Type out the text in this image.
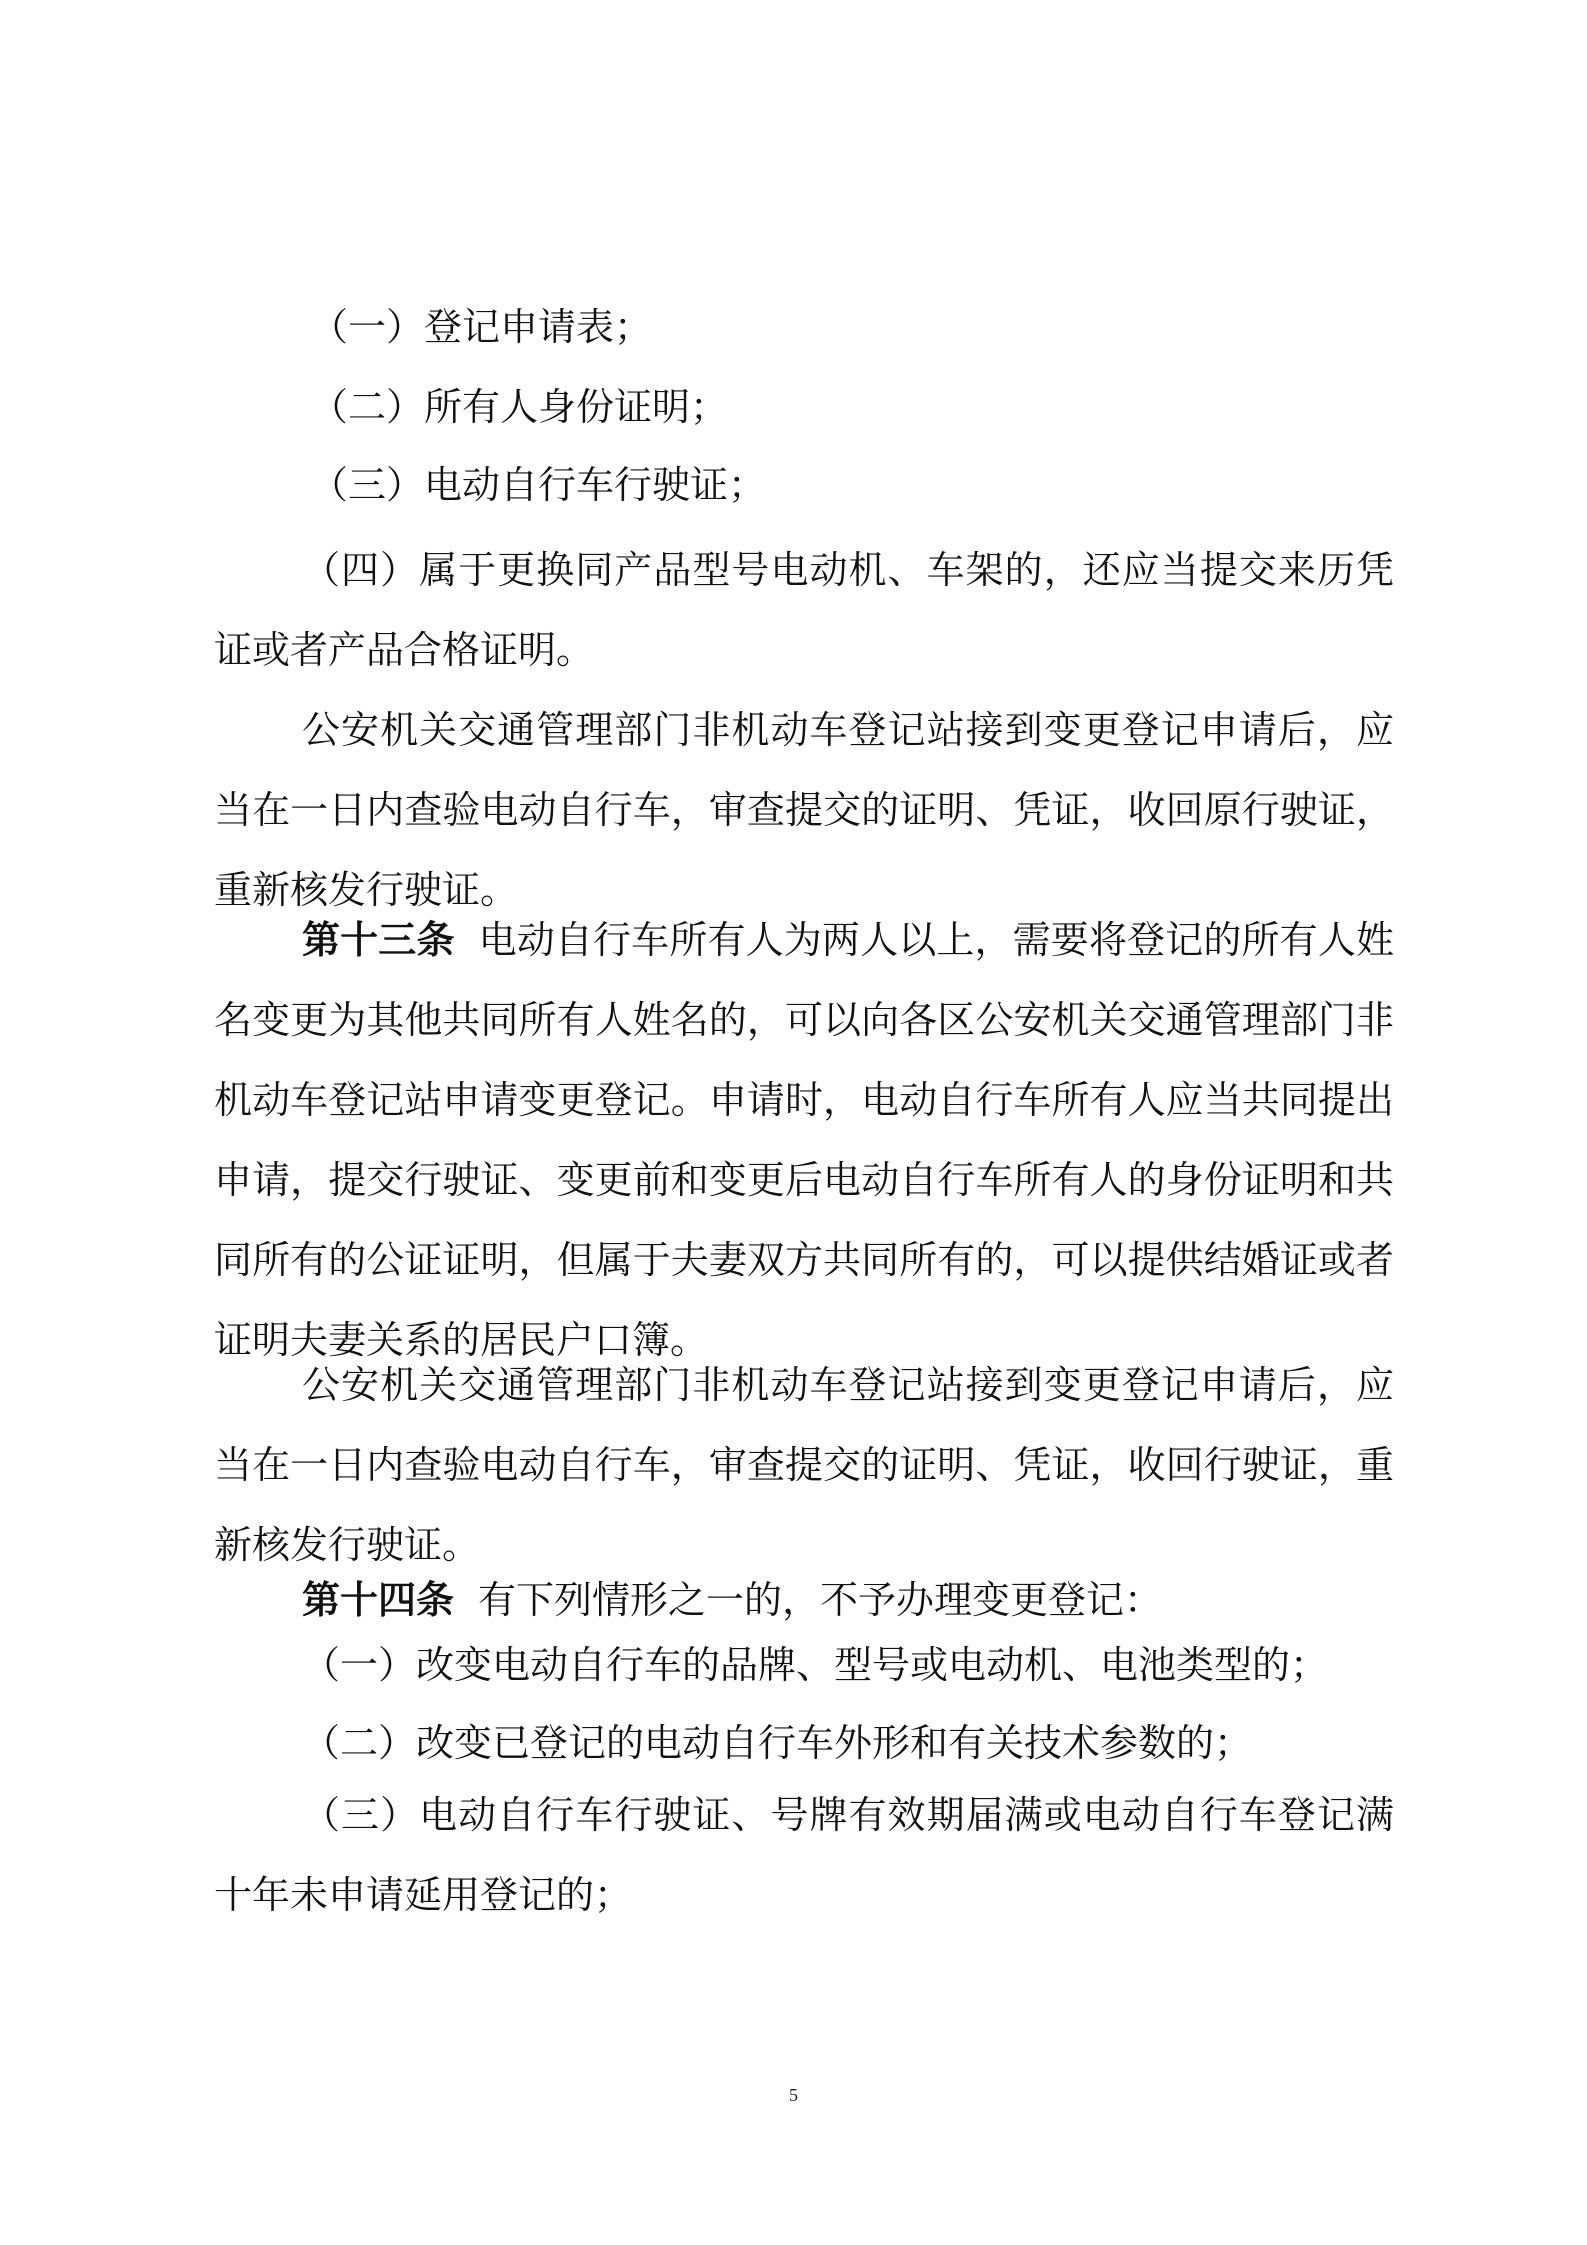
（一）登记申请表；
（二）所有人身份证明；
（三）电动自行车行驶证；
（四）属于更换同产品型号电动机、车架的，还应当提交来历凭证或者产品合格证明。
公安机关交通管理部门非机动车登记站接到变更登记申请后，应当在一日内查验电动自行车，审查提交的证明、凭证，收回原行驶证，重新核发行驶证。
第十三条 电动自行车所有人为两人以上，需要将登记的所有人姓名变更为其他共同所有人姓名的，可以向各区公安机关交通管理部门非机动车登记站申请变更登记。申请时，电动自行车所有人应当共同提出申请，提交行驶证、变更前和变更后电动自行车所有人的身份证明和共同所有的公证证明，但属于夫妻双方共同所有的，可以提供结婚证或者证明夫妻关系的居民户口簿。
公安机关交通管理部门非机动车登记站接到变更登记申请后，应当在一日内查验电动自行车，审查提交的证明、凭证，收回行驶证，重新核发行驶证。
第十四条 有下列情形之一的，不予办理变更登记：
（一）改变电动自行车的品牌、型号或电动机、电池类型的；
（二）改变已登记的电动自行车外形和有关技术参数的；
（三）电动自行车行驶证、号牌有效期届满或电动自行车登记满十年未申请延用登记的；
5
